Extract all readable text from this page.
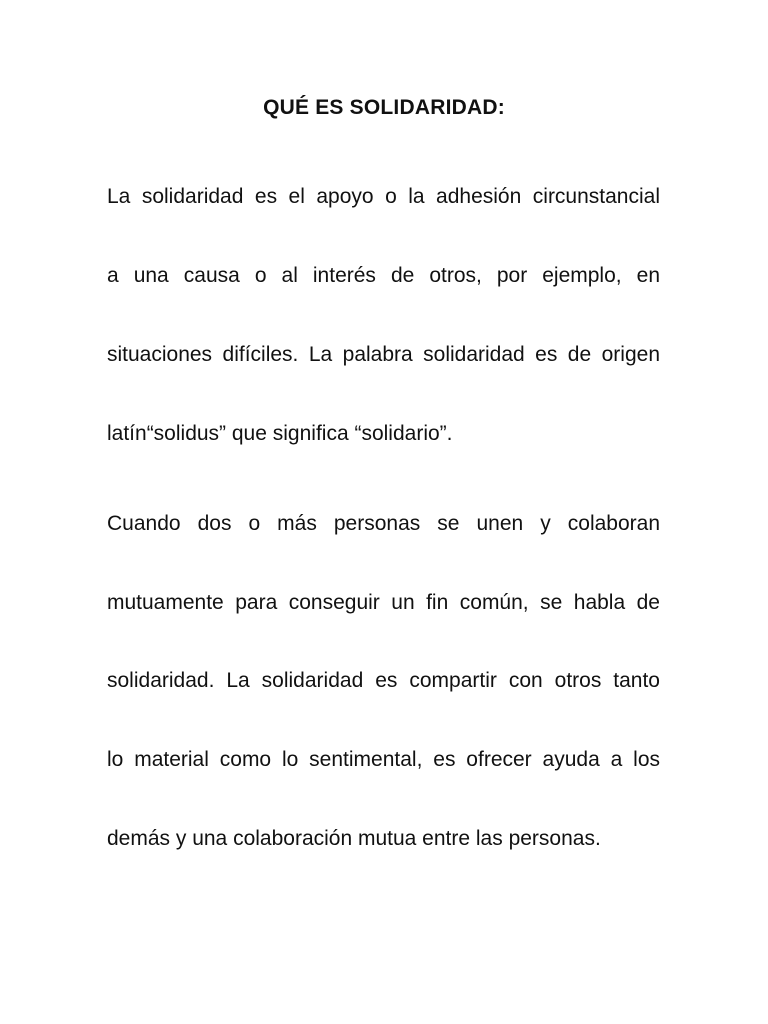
QUÉ ES SOLIDARIDAD:

La solidaridad es el apoyo o la adhesión circunstancial

a una causa o al interés de otros, por ejemplo, en

situaciones difíciles. La palabra solidaridad es de origen

latín“solidus” que significa “solidario”.

Cuando dos o más personas se unen y colaboran

mutuamente para conseguir un fin común, se habla de

solidaridad. La solidaridad es compartir con otros tanto

lo material como lo sentimental, es ofrecer ayuda a los

demás y una colaboración mutua entre las personas.
